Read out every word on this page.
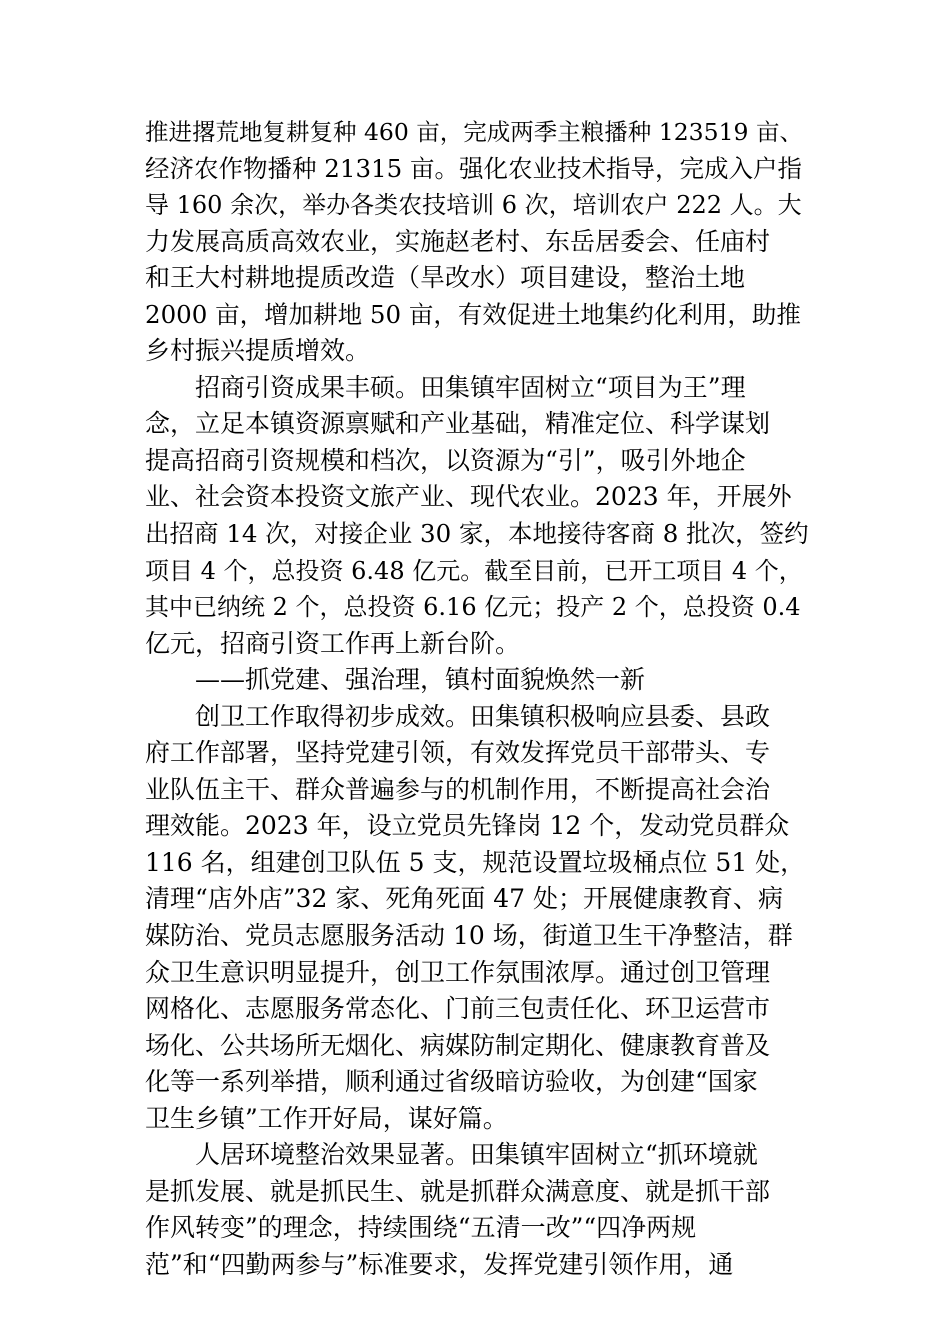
推进撂荒地复耕复种 460 亩，完成两季主粮播种 123519 亩、
经济农作物播种 21315 亩。强化农业技术指导，完成入户指
导 160 余次，举办各类农技培训 6 次，培训农户 222 人。大
力发展高质高效农业，实施赵老村、东岳居委会、任庙村
和王大村耕地提质改造（旱改水）项目建设，整治土地
2000 亩，增加耕地 50 亩，有效促进土地集约化利用，助推
乡村振兴提质增效。
招商引资成果丰硕。田集镇牢固树立“项目为王”理
念，立足本镇资源禀赋和产业基础，精准定位、科学谋划
提高招商引资规模和档次，以资源为“引”，吸引外地企
业、社会资本投资文旅产业、现代农业。2023 年，开展外
出招商 14 次，对接企业 30 家，本地接待客商 8 批次，签约
项目 4 个，总投资 6.48 亿元。截至目前，已开工项目 4 个，
其中已纳统 2 个，总投资 6.16 亿元；投产 2 个，总投资 0.4
亿元，招商引资工作再上新台阶。
——抓党建、强治理，镇村面貌焕然一新
创卫工作取得初步成效。田集镇积极响应县委、县政
府工作部署，坚持党建引领，有效发挥党员干部带头、专
业队伍主干、群众普遍参与的机制作用，不断提高社会治
理效能。2023 年，设立党员先锋岗 12 个，发动党员群众
116 名，组建创卫队伍 5 支，规范设置垃圾桶点位 51 处，
清理“店外店”32 家、死角死面 47 处；开展健康教育、病
媒防治、党员志愿服务活动 10 场，街道卫生干净整洁，群
众卫生意识明显提升，创卫工作氛围浓厚。通过创卫管理
网格化、志愿服务常态化、门前三包责任化、环卫运营市
场化、公共场所无烟化、病媒防制定期化、健康教育普及
化等一系列举措，顺利通过省级暗访验收，为创建“国家
卫生乡镇”工作开好局，谋好篇。
人居环境整治效果显著。田集镇牢固树立“抓环境就
是抓发展、就是抓民生、就是抓群众满意度、就是抓干部
作风转变”的理念，持续围绕“五清一改”“四净两规
范”和“四勤两参与”标准要求，发挥党建引领作用，通
